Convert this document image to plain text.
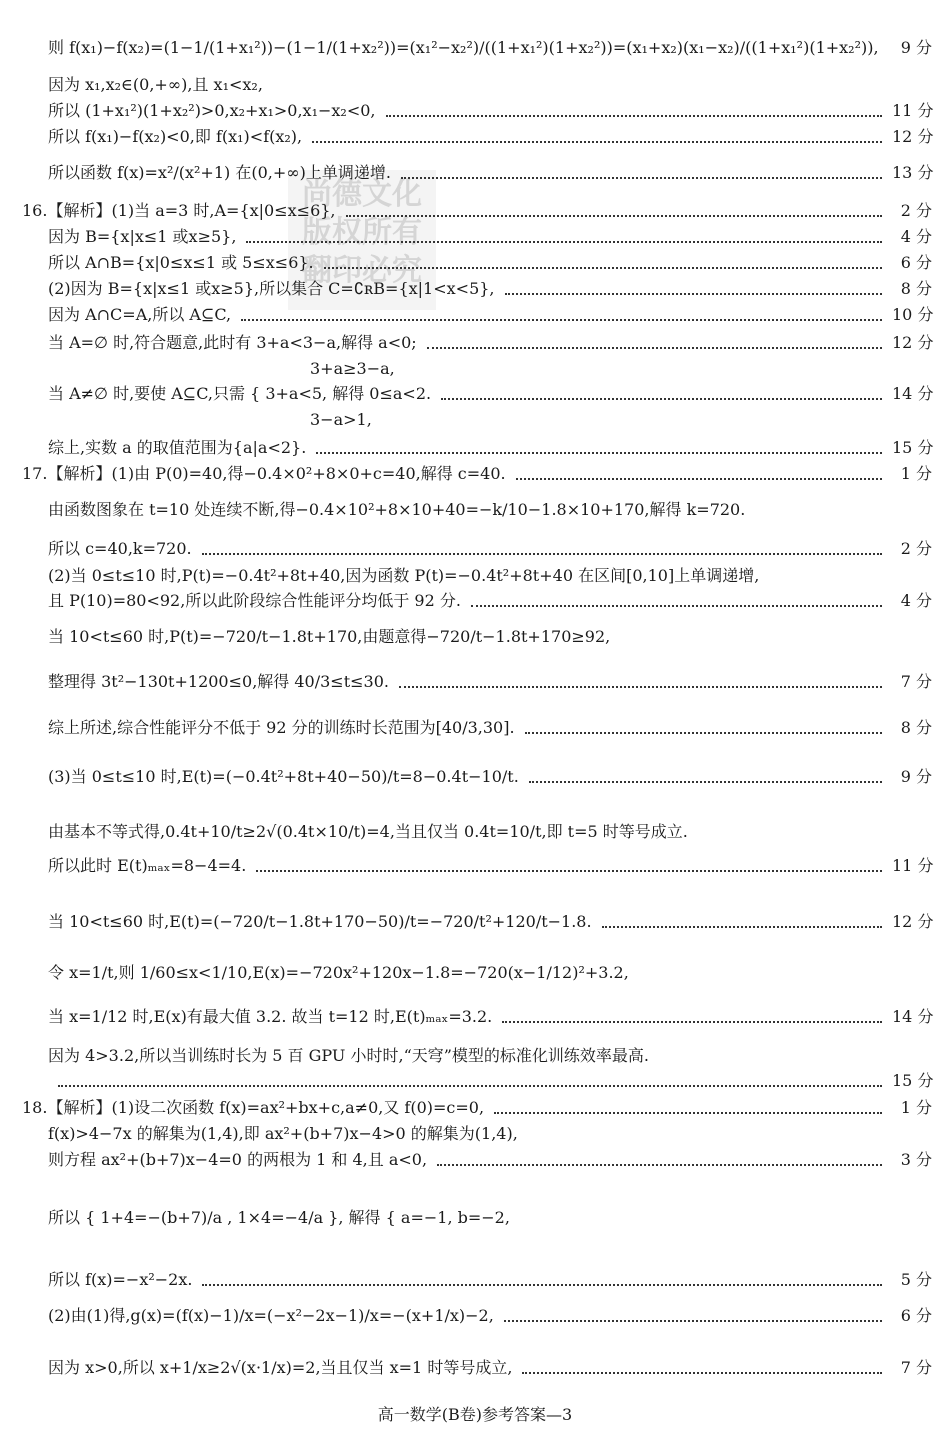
尚德文化 版权所有 翻印必究
则 f(x₁)−f(x₂)=(1−1/(1+x₁²))−(1−1/(1+x₂²))=(x₁²−x₂²)/((1+x₁²)(1+x₂²))=(x₁+x₂)(x₁−x₂)/((1+x₁²)(1+x₂²)),	9 分
因为 x₁,x₂∈(0,+∞),且 x₁<x₂,
所以 (1+x₁²)(1+x₂²)>0,x₂+x₁>0,x₁−x₂<0,	11 分
所以 f(x₁)−f(x₂)<0,即 f(x₁)<f(x₂),	12 分
所以函数 f(x)=x²/(x²+1) 在(0,+∞)上单调递增.	13 分
16.【解析】(1)当 a=3 时,A={x|0≤x≤6},	2 分
因为 B={x|x≤1 或x≥5},	4 分
所以 A∩B={x|0≤x≤1 或 5≤x≤6}.	6 分
(2)因为 B={x|x≤1 或x≥5},所以集合 C=∁ʀB={x|1<x<5},	8 分
因为 A∩C=A,所以 A⊆C,	10 分
当 A=∅ 时,符合题意,此时有 3+a<3−a,解得 a<0;	12 分
3+a≥3−a,
当 A≠∅ 时,要使 A⊆C,只需 { 3+a<5, 解得 0≤a<2.	14 分
3−a>1,
综上,实数 a 的取值范围为{a|a<2}.	15 分
17.【解析】(1)由 P(0)=40,得−0.4×0²+8×0+c=40,解得 c=40.	1 分
由函数图象在 t=10 处连续不断,得−0.4×10²+8×10+40=−k/10−1.8×10+170,解得 k=720.
所以 c=40,k=720.	2 分
(2)当 0≤t≤10 时,P(t)=−0.4t²+8t+40,因为函数 P(t)=−0.4t²+8t+40 在区间[0,10]上单调递增,
且 P(10)=80<92,所以此阶段综合性能评分均低于 92 分.	4 分
当 10<t≤60 时,P(t)=−720/t−1.8t+170,由题意得−720/t−1.8t+170≥92,
整理得 3t²−130t+1200≤0,解得 40/3≤t≤30.	7 分
综上所述,综合性能评分不低于 92 分的训练时长范围为[40/3,30].	8 分
(3)当 0≤t≤10 时,E(t)=(−0.4t²+8t+40−50)/t=8−0.4t−10/t.	9 分
由基本不等式得,0.4t+10/t≥2√(0.4t×10/t)=4,当且仅当 0.4t=10/t,即 t=5 时等号成立.
所以此时 E(t)ₘₐₓ=8−4=4.	11 分
当 10<t≤60 时,E(t)=(−720/t−1.8t+170−50)/t=−720/t²+120/t−1.8.	12 分
令 x=1/t,则 1/60≤x<1/10,E(x)=−720x²+120x−1.8=−720(x−1/12)²+3.2,
当 x=1/12 时,E(x)有最大值 3.2. 故当 t=12 时,E(t)ₘₐₓ=3.2.	14 分
因为 4>3.2,所以当训练时长为 5 百 GPU 小时时,“天穹”模型的标准化训练效率最高.
15 分
18.【解析】(1)设二次函数 f(x)=ax²+bx+c,a≠0,又 f(0)=c=0,	1 分
f(x)>4−7x 的解集为(1,4),即 ax²+(b+7)x−4>0 的解集为(1,4),
则方程 ax²+(b+7)x−4=0 的两根为 1 和 4,且 a<0,	3 分
所以 { 1+4=−(b+7)/a , 1×4=−4/a }, 解得 { a=−1, b=−2,
所以 f(x)=−x²−2x.	5 分
(2)由(1)得,g(x)=(f(x)−1)/x=(−x²−2x−1)/x=−(x+1/x)−2,	6 分
因为 x>0,所以 x+1/x≥2√(x·1/x)=2,当且仅当 x=1 时等号成立,	7 分
高一数学(B卷)参考答案—3
